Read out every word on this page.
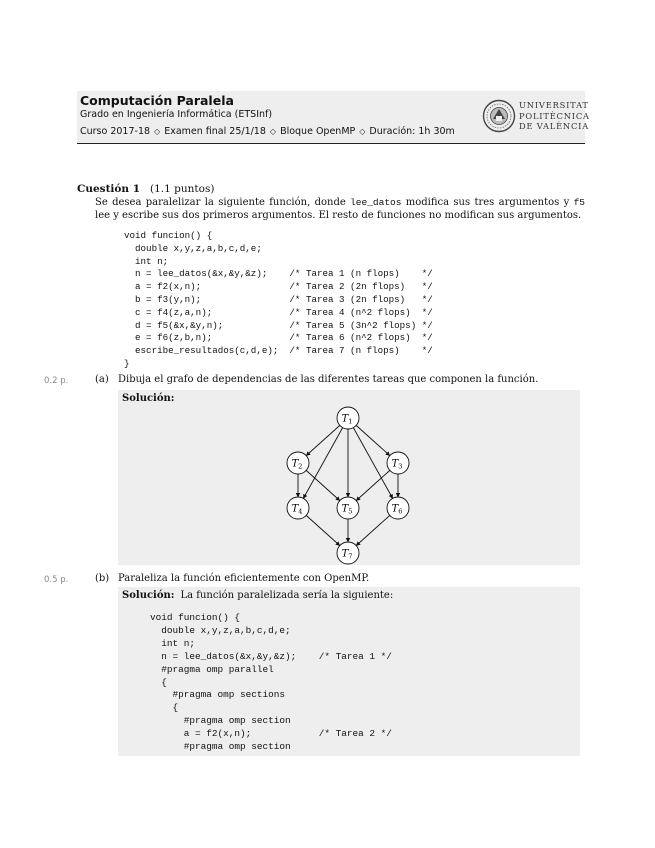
Computación Paralela
Grado en Ingeniería Informática (ETSInf)
Curso 2017-18 ◇ Examen final 25/1/18 ◇ Bloque OpenMP ◇ Duración: 1h 30m
UNIVERSITAT
POLITÈCNICA
DE VALÈNCIA
Cuestión 1 (1.1 puntos)
Se desea paralelizar la siguiente función, donde lee_datos modifica sus tres argumentos y f5 lee y escribe sus dos primeros argumentos. El resto de funciones no modifican sus argumentos.
void funcion() {
double x,y,z,a,b,c,d,e;
int n;
n = lee_datos(&x,&y,&z);    /* Tarea 1 (n flops)    */
a = f2(x,n);                /* Tarea 2 (2n flops)   */
b = f3(y,n);                /* Tarea 3 (2n flops)   */
c = f4(z,a,n);              /* Tarea 4 (n^2 flops)  */
d = f5(&x,&y,n);            /* Tarea 5 (3n^2 flops) */
e = f6(z,b,n);              /* Tarea 6 (n^2 flops)  */
escribe_resultados(c,d,e);  /* Tarea 7 (n flops)    */
}
0.2 p.	(a) Dibuja el grafo de dependencias de las diferentes tareas que componen la función.
Solución:
$T_1$
$T_2$	$T_3$
$T_4$	$T_5$	$T_6$
$T_7$
0.5 p.	(b) Paraleliza la función eficientemente con OpenMP.
Solución: La función paralelizada sería la siguiente:
void funcion() {
double x,y,z,a,b,c,d,e;
int n;
n = lee_datos(&x,&y,&z);    /* Tarea 1 */
#pragma omp parallel
{
#pragma omp sections
{
#pragma omp section
a = f2(x,n);            /* Tarea 2 */
#pragma omp section
